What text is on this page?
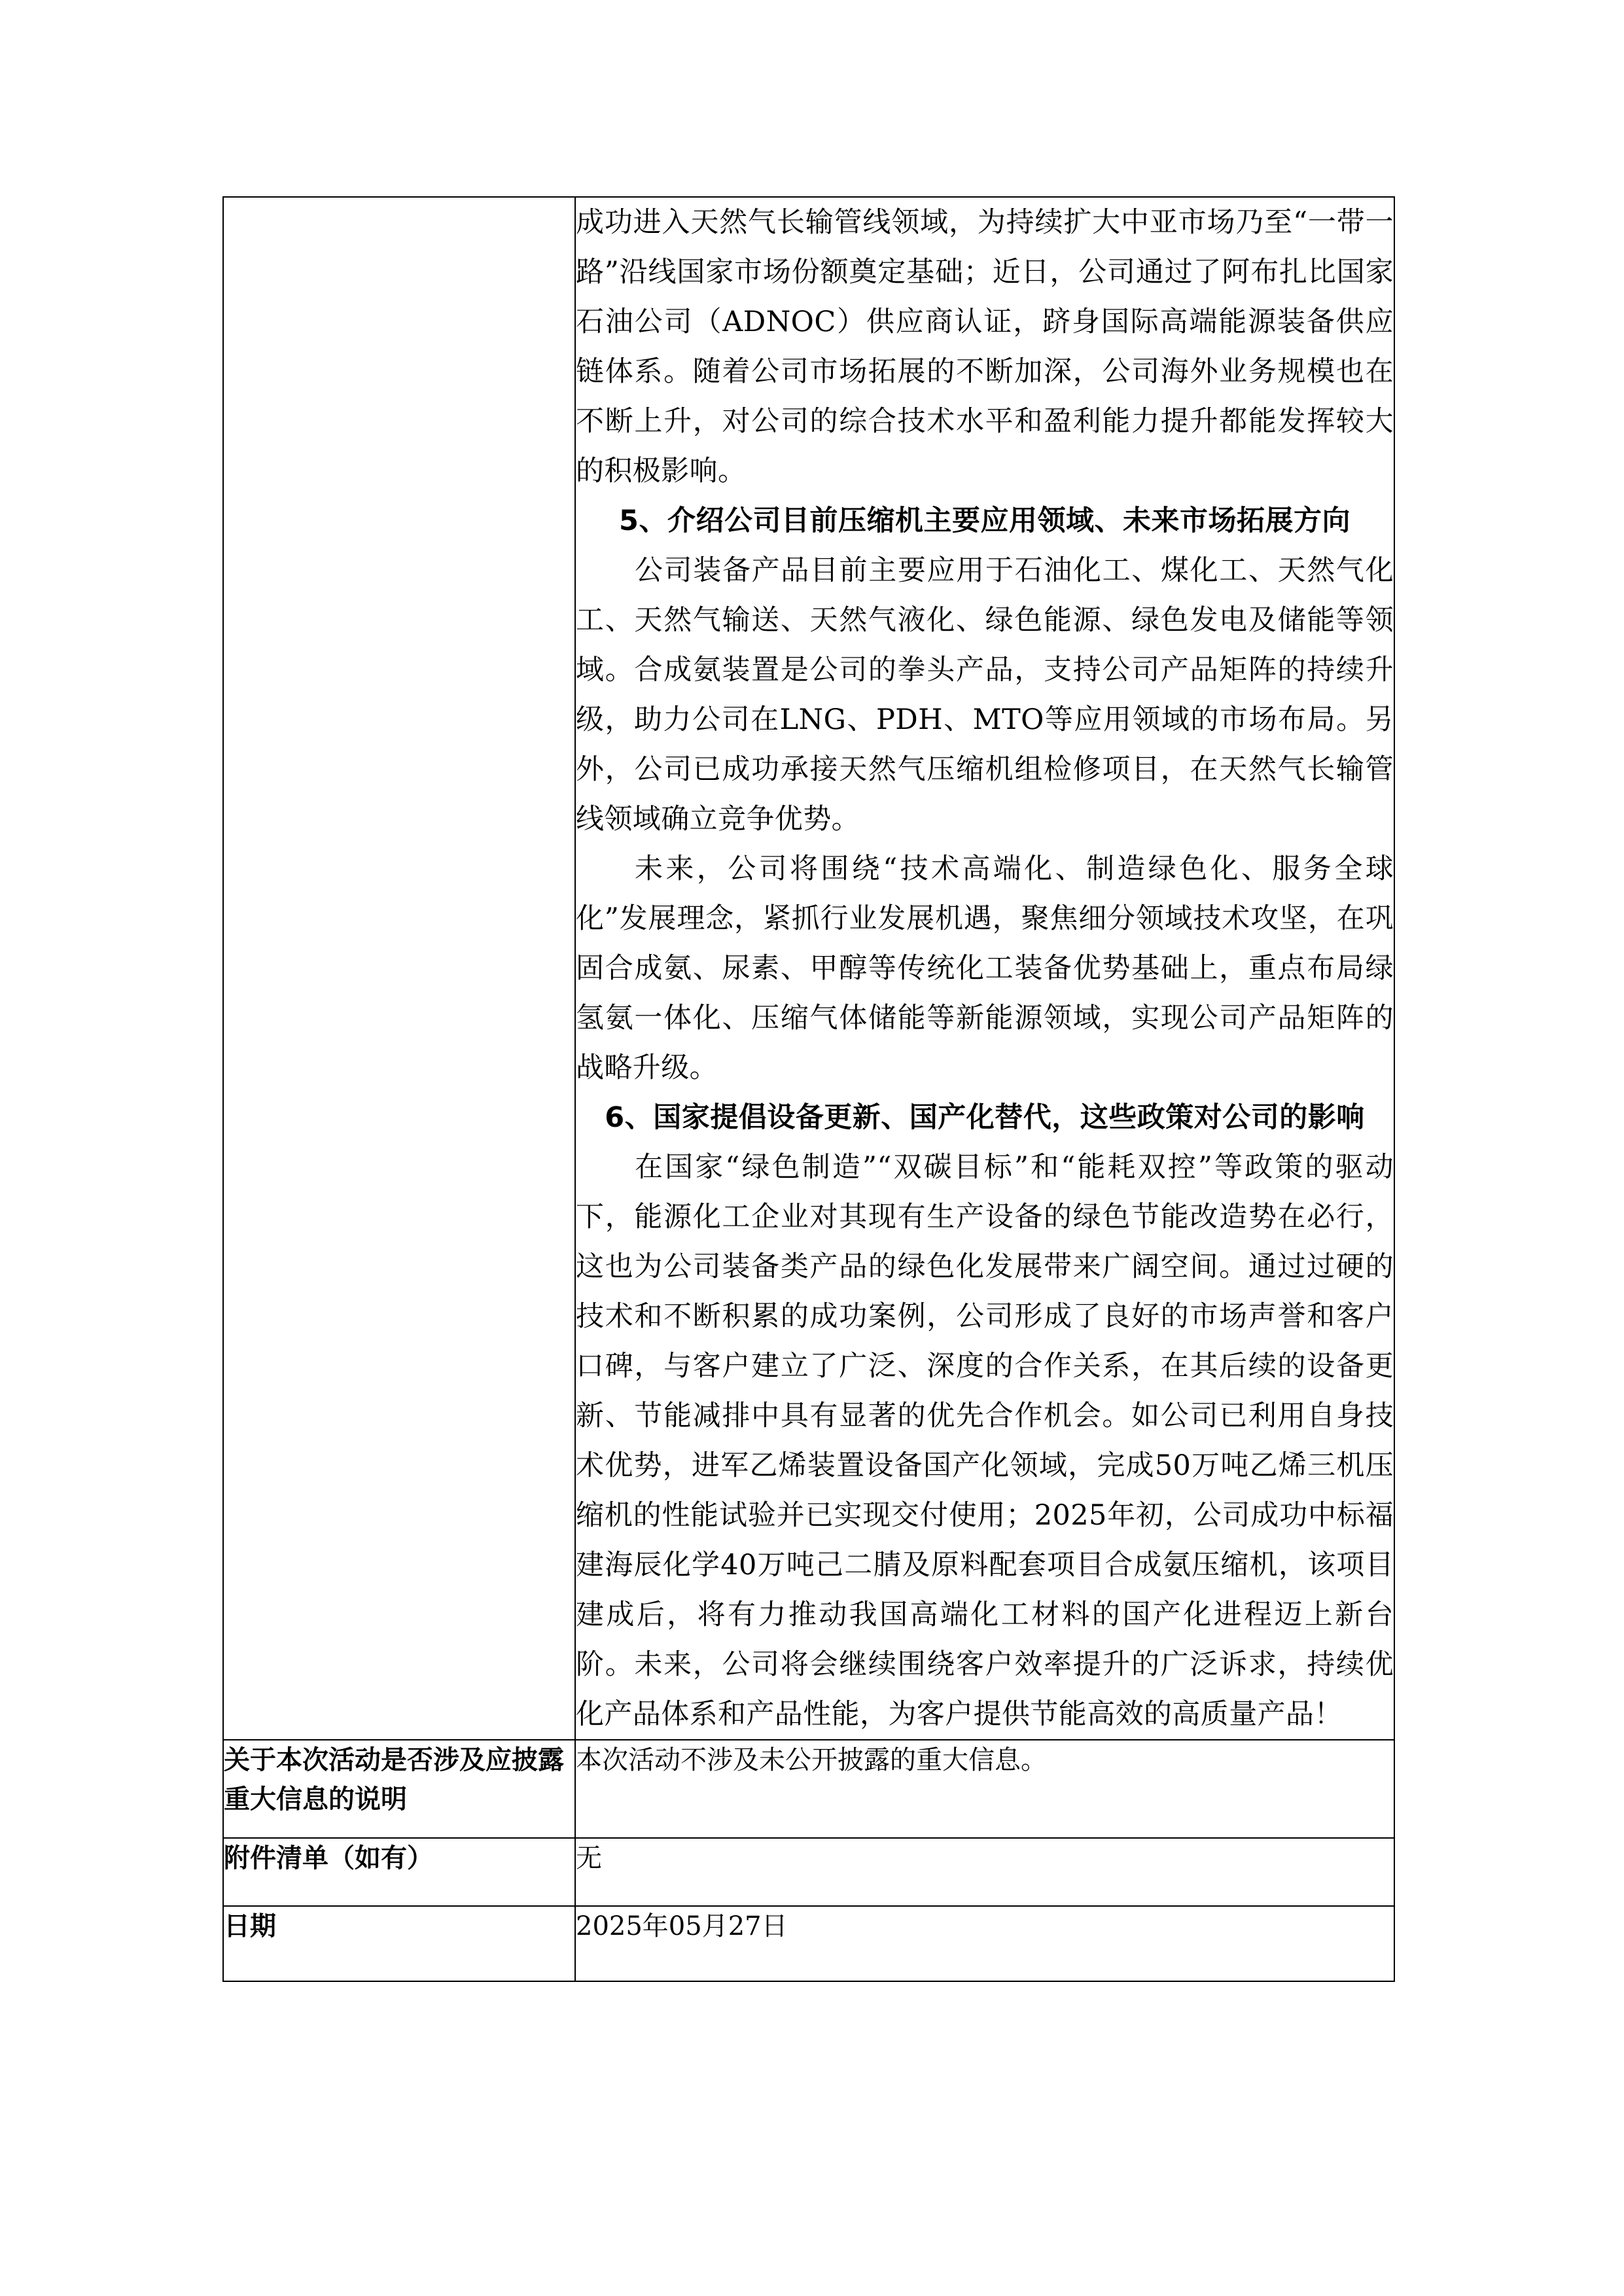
成功进入天然气长输管线领域，为持续扩大中亚市场乃至“一带一路”沿线国家市场份额奠定基础；近日，公司通过了阿布扎比国家石油公司（ADNOC）供应商认证，跻身国际高端能源装备供应链体系。随着公司市场拓展的不断加深，公司海外业务规模也在不断上升，对公司的综合技术水平和盈利能力提升都能发挥较大的积极影响。

5、介绍公司目前压缩机主要应用领域、未来市场拓展方向

公司装备产品目前主要应用于石油化工、煤化工、天然气化工、天然气输送、天然气液化、绿色能源、绿色发电及储能等领域。合成氨装置是公司的拳头产品，支持公司产品矩阵的持续升级，助力公司在LNG、PDH、MTO等应用领域的市场布局。另外，公司已成功承接天然气压缩机组检修项目，在天然气长输管线领域确立竞争优势。

未来，公司将围绕“技术高端化、制造绿色化、服务全球化”发展理念，紧抓行业发展机遇，聚焦细分领域技术攻坚，在巩固合成氨、尿素、甲醇等传统化工装备优势基础上，重点布局绿氢氨一体化、压缩气体储能等新能源领域，实现公司产品矩阵的战略升级。

6、国家提倡设备更新、国产化替代，这些政策对公司的影响

在国家“绿色制造”“双碳目标”和“能耗双控”等政策的驱动下，能源化工企业对其现有生产设备的绿色节能改造势在必行，这也为公司装备类产品的绿色化发展带来广阔空间。通过过硬的技术和不断积累的成功案例，公司形成了良好的市场声誉和客户口碑，与客户建立了广泛、深度的合作关系，在其后续的设备更新、节能减排中具有显著的优先合作机会。如公司已利用自身技术优势，进军乙烯装置设备国产化领域，完成50万吨乙烯三机压缩机的性能试验并已实现交付使用；2025年初，公司成功中标福建海辰化学40万吨己二腈及原料配套项目合成氨压缩机，该项目建成后，将有力推动我国高端化工材料的国产化进程迈上新台阶。未来，公司将会继续围绕客户效率提升的广泛诉求，持续优化产品体系和产品性能，为客户提供节能高效的高质量产品！

关于本次活动是否涉及应披露重大信息的说明	本次活动不涉及未公开披露的重大信息。
附件清单（如有）	无
日期	2025年05月27日
